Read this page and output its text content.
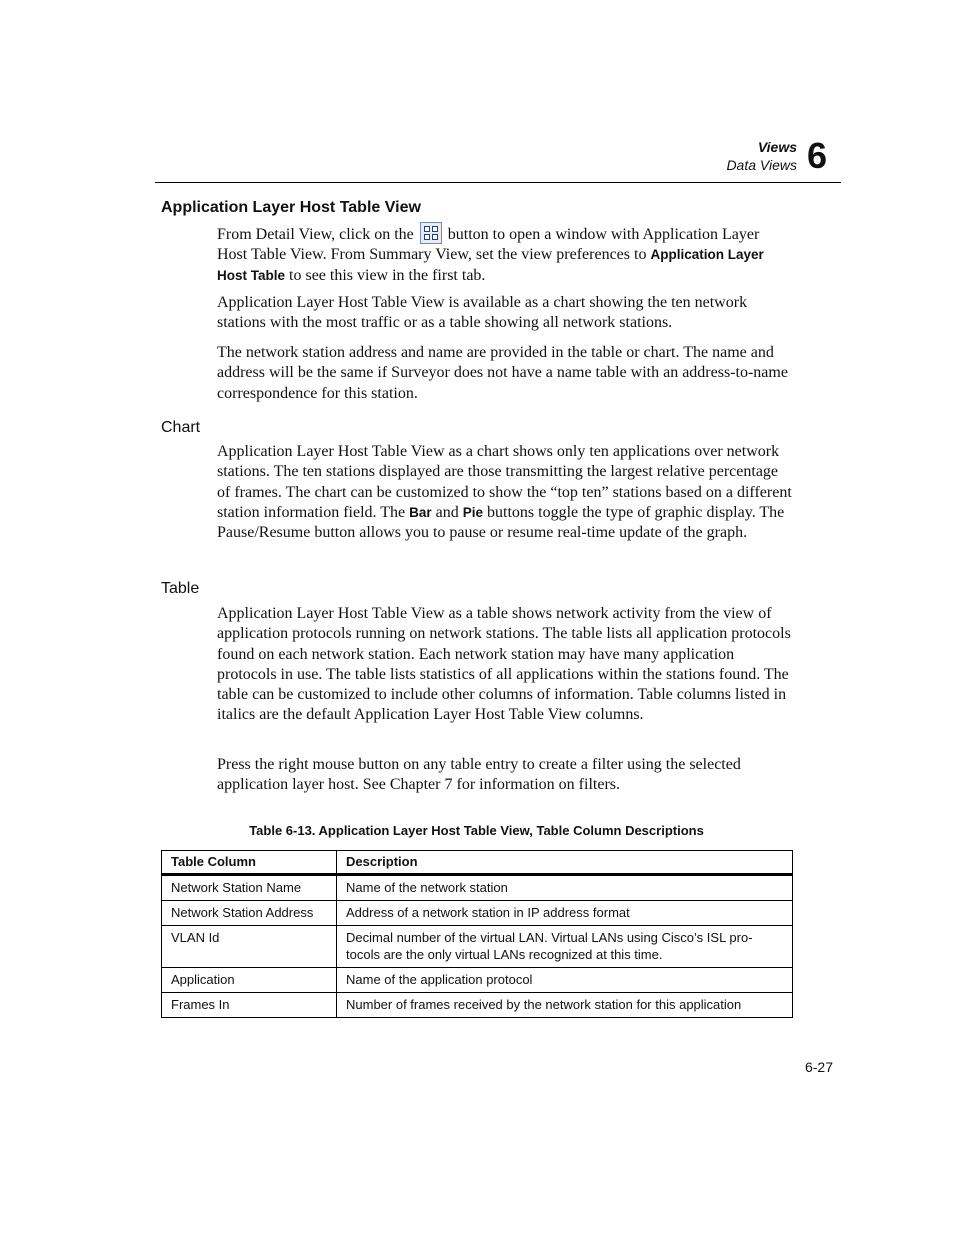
Views
Data Views 6
Application Layer Host Table View

From Detail View, click on the button to open a window with Application Layer Host Table View. From Summary View, set the view preferences to Application Layer Host Table to see this view in the first tab.

Application Layer Host Table View is available as a chart showing the ten network stations with the most traffic or as a table showing all network stations.

The network station address and name are provided in the table or chart. The name and address will be the same if Surveyor does not have a name table with an address-to-name correspondence for this station.

Chart

Application Layer Host Table View as a chart shows only ten applications over network stations. The ten stations displayed are those transmitting the largest relative percentage of frames. The chart can be customized to show the “top ten” stations based on a different station information field. The Bar and Pie buttons toggle the type of graphic display. The Pause/Resume button allows you to pause or resume real-time update of the graph.

Table

Application Layer Host Table View as a table shows network activity from the view of application protocols running on network stations. The table lists all application protocols found on each network station. Each network station may have many application protocols in use. The table lists statistics of all applications within the stations found. The table can be customized to include other columns of information. Table columns listed in italics are the default Application Layer Host Table View columns.

Press the right mouse button on any table entry to create a filter using the selected application layer host. See Chapter 7 for information on filters.

Table 6-13. Application Layer Host Table View, Table Column Descriptions

Table Column	Description
Network Station Name	Name of the network station
Network Station Address	Address of a network station in IP address format
VLAN Id	Decimal number of the virtual LAN. Virtual LANs using Cisco’s ISL pro-tocols are the only virtual LANs recognized at this time.
Application	Name of the application protocol
Frames In	Number of frames received by the network station for this application
6-27
